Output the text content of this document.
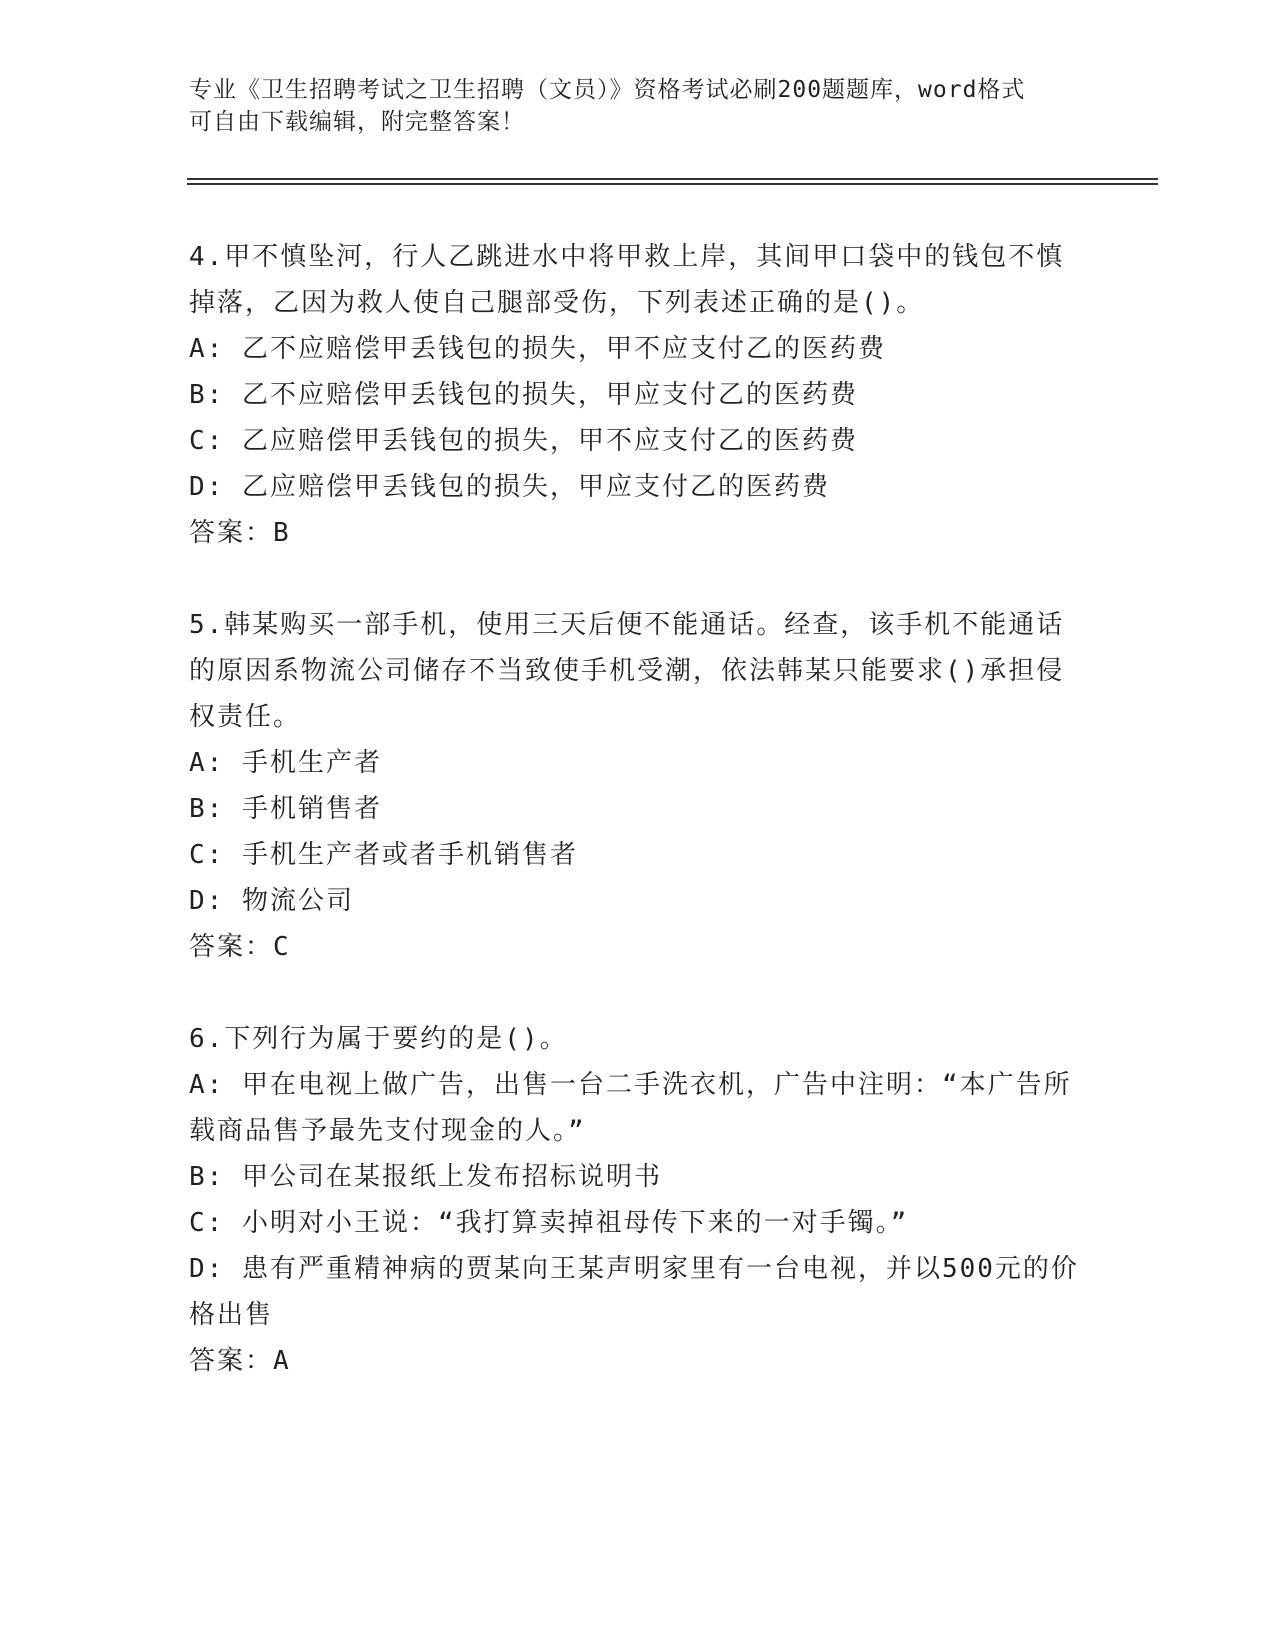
专业《卫生招聘考试之卫生招聘（文员）》资格考试必刷200题题库，word格式
可自由下载编辑，附完整答案！

4.甲不慎坠河，行人乙跳进水中将甲救上岸，其间甲口袋中的钱包不慎掉落，乙因为救人使自己腿部受伤，下列表述正确的是()。

A: 乙不应赔偿甲丢钱包的损失，甲不应支付乙的医药费

B: 乙不应赔偿甲丢钱包的损失，甲应支付乙的医药费

C: 乙应赔偿甲丢钱包的损失，甲不应支付乙的医药费

D: 乙应赔偿甲丢钱包的损失，甲应支付乙的医药费

答案：B

5.韩某购买一部手机，使用三天后便不能通话。经查，该手机不能通话的原因系物流公司储存不当致使手机受潮，依法韩某只能要求()承担侵权责任。

A: 手机生产者

B: 手机销售者

C: 手机生产者或者手机销售者

D: 物流公司

答案：C

6.下列行为属于要约的是()。

A: 甲在电视上做广告，出售一台二手洗衣机，广告中注明：“本广告所载商品售予最先支付现金的人。”

B: 甲公司在某报纸上发布招标说明书

C: 小明对小王说：“我打算卖掉祖母传下来的一对手镯。”

D: 患有严重精神病的贾某向王某声明家里有一台电视，并以500元的价格出售

答案：A
